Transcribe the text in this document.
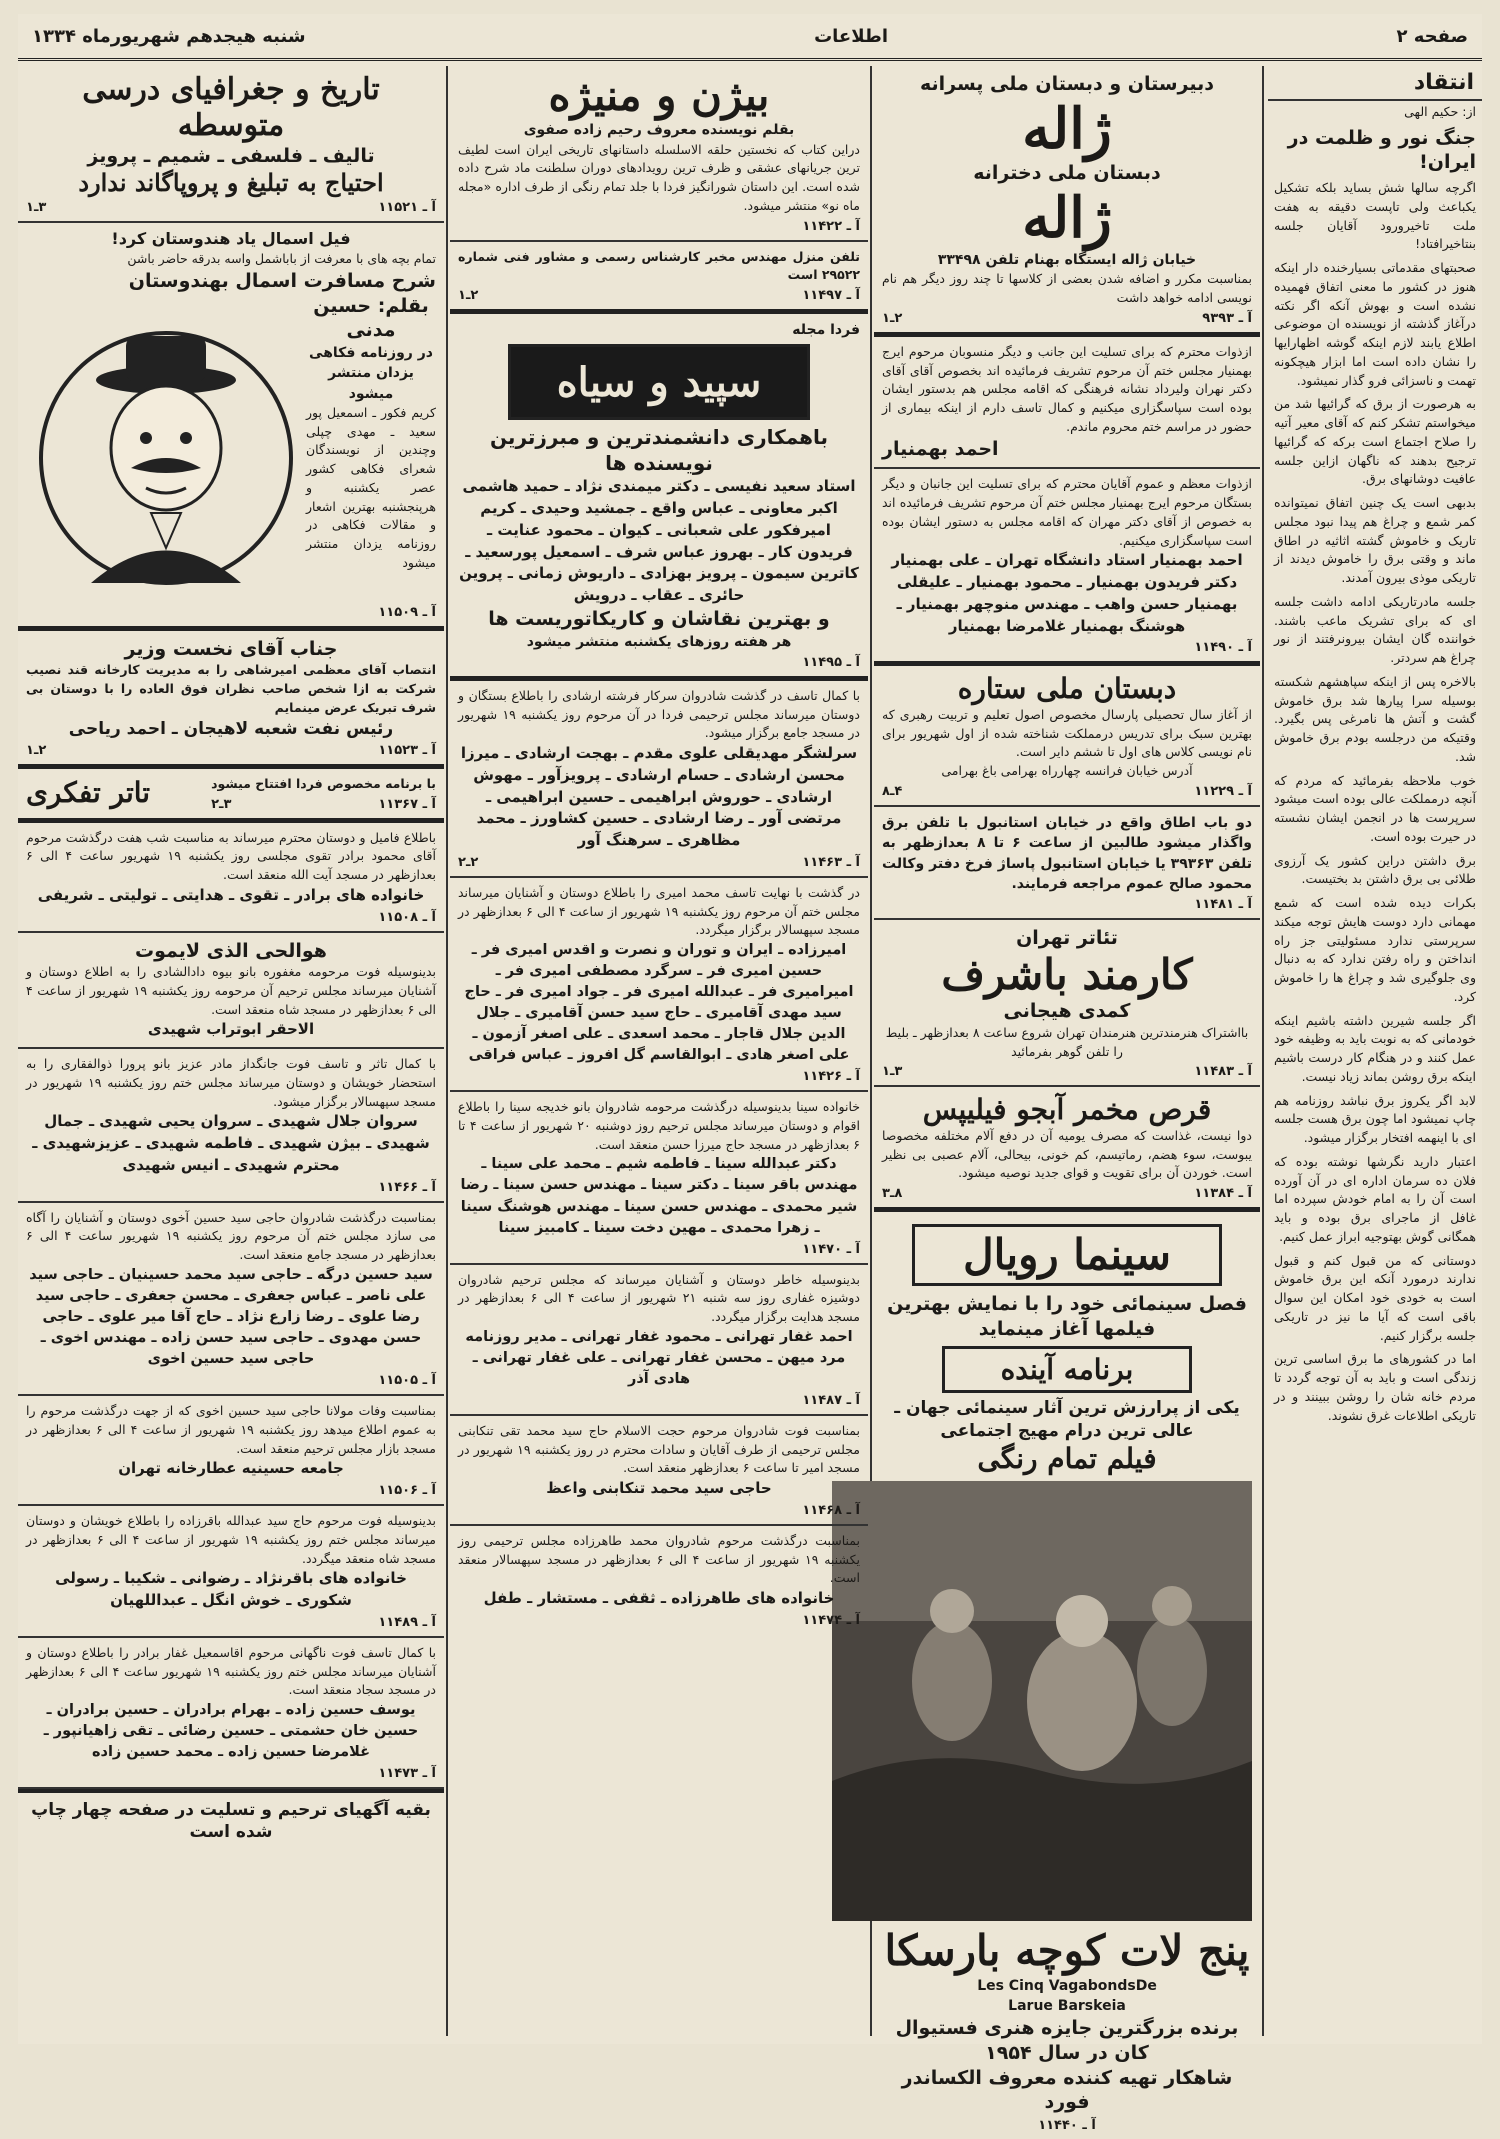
شنبه هیجدهم شهریورماه ۱۳۳۴	اطلاعات	صفحه ۲
انتقاد
از: حکیم الهی
جنگ نور و ظلمت در ایران!

اگرچه سالها شش بساید بلکه تشکیل یکباعث ولی تاپست دقیقه به هفت ملت تاخیرورود آقایان جلسه بنتاخیرافتاد!

صحبتهای مقدماتی بسیارخنده دار اینکه هنوز در کشور ما معنی اتفاق فهمیده نشده است و بهوش آنکه اگر نکته درآغاز گذشته از نویسنده ان موضوعی اطلاع یابند لازم اینکه گوشه اظهارایها را نشان داده است اما ابزار هیچکونه تهمت و ناسزائی فرو گذار نمیشود.

به هرصورت از برق که گرائیها شد من میخواستم تشکر کنم که آقای معیر آتیه را صلاح اجتماع است برکه که گرائیها ترجیح بدهند که ناگهان ازاین جلسه عافیت دوشانهای برق.

بدبهی است یک چنین اتفاق نمیتوانده کمر شمع و چراغ هم پیدا نبود مجلس تاریک و خاموش گشته اثاثیه در اطاق ماند و وقتی برق را خاموش دیدند از تاریکی موذی بیرون آمدند.

جلسه مادرتاریکی ادامه داشت جلسه ای که برای تشریک ماعب باشند. خواننده گان ایشان بیرونرفتند از نور چراغ هم سردتر.

بالاخره پس از اینکه سپاهشهم شکسته بوسیله سرا پیارها شد برق خاموش گشت و آتش ها نامرغی پس بگیرد. وقتیکه من درجلسه بودم برق خاموش شد.

خوب ملاحظه بفرمائید که مردم که آنچه درمملکت عالی بوده است میشود سرپرست ها در انجمن ایشان نشسته در حیرت بوده است.

برق داشتن دراین کشور یک آرزوی طلائی بی برق داشتن بد بختیست.

بکرات دیده شده است که شمع مهمانی دارد دوست هایش توجه میکند سرپرستی ندارد مسئولیتی جز راه انداختن و راه رفتن ندارد که به دنبال وی جلوگیری شد و چراغ ها را خاموش کرد.

اگر جلسه شیرین داشته باشیم اینکه خودمانی که به نوبت باید به وظیفه خود عمل کنند و در هنگام کار درست باشیم اینکه برق روشن بماند زیاد نیست.

لابد اگر یکروز برق نباشد روزنامه هم چاپ نمیشود اما چون برق هست جلسه ای با اینهمه افتخار برگزار میشود.

اعتبار دارید نگرشها نوشته بوده که فلان ده سرمان اداره ای در آن آورده است آن را به امام خودش سپرده اما غافل از ماجرای برق بوده و باید همگانی گوش بهتوجیه ابراز عمل کنیم.

دوستانی که من قبول کنم و قبول ندارند درمورد آنکه این برق خاموش است به خودی خود امکان این سوال باقی است که آیا ما نیز در تاریکی جلسه برگزار کنیم.

اما در کشورهای ما برق اساسی ترین زندگی است و باید به آن توجه گردد تا مردم خانه شان را روشن ببینند و در تاریکی اطلاعات غرق نشوند.

دبیرستان و دبستان ملی پسرانه
ژاله
دبستان ملی دخترانه
ژاله
خیابان ژاله ایستگاه بهنام تلفن ۳۳۴۹۸
بمناسبت مکرر و اضافه شدن بعضی از کلاسها تا چند روز دیگر هم نام نویسی ادامه خواهد داشت
آ ـ ۹۳۹۳
۲ـ۱
ازذوات محترم که برای تسلیت این جانب و دیگر منسوبان مرحوم ایرج بهمنیار مجلس ختم آن مرحوم تشریف فرمائیده اند بخصوص آقای آقای دکتر نهران ولیرداد نشانه فرهنگی که اقامه مجلس هم بدستور ایشان بوده است سپاسگزاری میکنیم و کمال تاسف دارم از اینکه بیماری از حضور در مراسم ختم محروم ماندم.
احمد بهمنیار
ازذوات معظم و عموم آقایان محترم که برای تسلیت این جانبان و دیگر بستگان مرحوم ایرج بهمنیار مجلس ختم آن مرحوم تشریف فرمائیده اند به خصوص از آقای دکتر مهران که اقامه مجلس به دستور ایشان بوده است سپاسگزاری میکنیم.
احمد بهمنیار استاد دانشگاه تهران ـ علی بهمنیار دکتر فریدون بهمنیار ـ محمود بهمنیار ـ علیقلی بهمنیار حسن واهب ـ مهندس منوچهر بهمنیار ـ هوشنگ بهمنیار غلامرضا بهمنیار
آ ـ ۱۱۴۹۰
دبستان ملی ستاره
از آغاز سال تحصیلی پارسال مخصوص اصول تعلیم و تربیت رهبری که بهترین سبک برای تدریس درمملکت شناخته شده از اول شهریور برای نام نویسی کلاس های اول تا ششم دایر است.
آدرس خیابان فرانسه چهارراه بهرامی باغ بهرامی
آ ـ ۱۱۲۲۹
۴ـ۸
دو باب اطاق واقع در خیابان استانبول با تلفن برق واگذار میشود طالبین از ساعت ۶ تا ۸ بعدازظهر به تلفن ۳۹۳۶۳ یا خیابان استانبول پاساژ فرخ دفتر وکالت محمود صالح عموم مراجعه فرمایند.
آ ـ ۱۱۴۸۱
تئاتر تهران
کارمند باشرف
کمدی هیجانی
بااشتراک هنرمندترین هنرمندان تهران شروع ساعت ۸ بعدازظهر ـ بلیط را تلفن گوهر بفرمائید
آ ـ ۱۱۴۸۳
۳ـ۱
قرص مخمر آبجو فیلیپس
دوا نیست، غذاست که مصرف یومیه آن در دفع آلام مختلفه مخصوصا یبوست، سوء هضم، رماتیسم، کم خونی، بیحالی، آلام عصبی بی نظیر است. خوردن آن برای تقویت و قوای جدید نوصیه میشود.
آ ـ ۱۱۳۸۴
۸ـ۳
سینما رویال
فصل سینمائی خود را با نمایش بهترین فیلمها آغاز مینماید
برنامه آینده
یکی از پرارزش ترین آثار سینمائی جهان ـ عالی ترین درام مهیج اجتماعی
فیلم تمام رنگی
پنج لات کوچه بارسکا
Les Cinq VagabondsDe
Larue Barskeia
برنده بزرگترین جایزه هنری فستیوال کان در سال ۱۹۵۴
شاهکار تهیه کننده معروف الکساندر فورد
آ ـ ۱۱۴۴۰
بیژن و منیژه
بقلم نویسنده معروف رحیم زاده صفوی
دراین کتاب که نخستین حلقه الاسلسله داستانهای تاریخی ایران است لطیف ترین جریانهای عشقی و ظرف ترین رویدادهای دوران سلطنت ماد شرح داده شده است. این داستان شورانگیز فردا با جلد تمام رنگی از طرف اداره «مجله ماه نو» منتشر میشود.
آ ـ ۱۱۴۲۲
تلفن منزل مهندس مخبر کارشناس رسمی و مشاور فنی شماره ۲۹۵۲۲ است
آ ـ ۱۱۴۹۷
۲ـ۱
فردا مجله
سپید و سیاه
باهمکاری دانشمندترین و مبرزترین نویسنده ها
استاد سعید نفیسی ـ دکتر میمندی نژاد ـ حمید هاشمی اکبر معاونی ـ عباس واقع ـ جمشید وحیدی ـ کریم امیرفکور علی شعبانی ـ کیوان ـ محمود عنایت ـ فریدون کار ـ بهروز عباس شرف ـ اسمعیل پورسعید ـ کاترین سیمون ـ پرویز بهزادی ـ داریوش زمانی ـ پروین حائری ـ عقاب ـ درویش
و بهترین نقاشان و کاریکاتوریست ها
هر هفته روزهای یکشنبه منتشر میشود
آ ـ ۱۱۴۹۵
با کمال تاسف در گذشت شادروان سرکار فرشته ارشادی را باطلاع بستگان و دوستان میرساند مجلس ترحیمی فردا در آن مرحوم روز یکشنبه ۱۹ شهریور در مسجد جامع برگزار میشود.
سرلشگر مهدیقلی علوی مقدم ـ بهجت ارشادی ـ میرزا محسن ارشادی ـ حسام ارشادی ـ پرویزآور ـ مهوش ارشادی ـ حوروش ابراهیمی ـ حسین ابراهیمی ـ مرتضی آور ـ رضا ارشادی ـ حسین کشاورز ـ محمد مظاهری ـ سرهنگ آور
آ ـ ۱۱۴۶۳
۲ـ۲
در گذشت با نهایت تاسف محمد امیری را باطلاع دوستان و آشنایان میرساند مجلس ختم آن مرحوم روز یکشنبه ۱۹ شهریور از ساعت ۴ الی ۶ بعدازظهر در مسجد سپهسالار برگزار میگردد.
امیرزاده ـ ایران و توران و نصرت و اقدس امیری فر ـ حسین امیری فر ـ سرگرد مصطفی امیری فر ـ امیرامیری فر ـ عبدالله امیری فر ـ جواد امیری فر ـ حاج سید مهدی آقامیری ـ حاج سید حسن آقامیری ـ جلال الدین جلال قاجار ـ محمد اسعدی ـ علی اصغر آزمون ـ علی اصغر هادی ـ ابوالقاسم گل افروز ـ عباس فراقی
آ ـ ۱۱۴۲۶
خانواده سینا بدینوسیله درگذشت مرحومه شادروان بانو خدیجه سینا را باطلاع اقوام و دوستان میرساند مجلس ترحیم روز دوشنبه ۲۰ شهریور از ساعت ۴ تا ۶ بعدازظهر در مسجد حاج میرزا حسن منعقد است.
دکتر عبدالله سینا ـ فاطمه شیم ـ محمد علی سینا ـ مهندس باقر سینا ـ دکتر سینا ـ مهندس حسن سینا ـ رضا شیر محمدی ـ مهندس حسن سینا ـ مهندس هوشنگ سینا ـ زهرا محمدی ـ مهین دخت سینا ـ کامبیز سینا
آ ـ ۱۱۴۷۰
بدینوسیله خاطر دوستان و آشنایان میرساند که مجلس ترحیم شادروان دوشیزه غفاری روز سه شنبه ۲۱ شهریور از ساعت ۴ الی ۶ بعدازظهر در مسجد هدایت برگزار میگردد.
احمد غفار تهرانی ـ محمود غفار تهرانی ـ مدیر روزنامه مرد میهن ـ محسن غفار تهرانی ـ علی غفار تهرانی ـ هادی آذر
آ ـ ۱۱۴۸۷
بمناسبت فوت شادروان مرحوم حجت الاسلام حاج سید محمد تقی تنکابنی مجلس ترحیمی از طرف آقایان و سادات محترم در روز یکشنبه ۱۹ شهریور در مسجد امیر تا ساعت ۶ بعدازظهر منعقد است.
حاجی سید محمد تنکابنی واعظ
آ ـ ۱۱۴۶۸
بمناسبت درگذشت مرحوم شادروان محمد طاهرزاده مجلس ترحیمی روز یکشنبه ۱۹ شهریور از ساعت ۴ الی ۶ بعدازظهر در مسجد سپهسالار منعقد است.
خانواده های طاهرزاده ـ ثقفی ـ مستشار ـ طفل
آ ـ ۱۱۴۷۴
تاریخ و جغرافیای درسی متوسطه
تالیف ـ فلسفی ـ شمیم ـ پرویز
احتیاج به تبلیغ و پروپاگاند ندارد
آ ـ ۱۱۵۲۱
۳ـ۱
فیل اسمال یاد هندوستان کرد!
تمام بچه های با معرفت از باباشمل واسه بدرقه حاضر باشن
شرح مسافرت اسمال بهندوستان
بقلم: حسین مدنی
در روزنامه فکاهی یزدان منتشر میشود
کریم فکور ـ اسمعیل پور سعید ـ مهدی چپلی وچندین از نویسندگان شعرای فکاهی کشور عصر یکشنبه و هرپنجشنبه بهترین اشعار و مقالات فکاهی در روزنامه یزدان منتشر میشود
آ ـ ۱۱۵۰۹
جناب آقای نخست وزیر
انتصاب آقای معظمی امیرشاهی را به مدیریت کارخانه قند نصیب شرکت به ازا شخص صاحب نظران فوق العاده را با دوستان بی شرف تبریک عرض مینمایم
رئیس نفت شعبه لاهیجان ـ احمد ریاحی
آ ـ ۱۱۵۲۳
۲ـ۱
با برنامه مخصوص فردا افتتاح میشود
آ ـ ۱۱۳۶۷
۳ـ۲
تاتر تفکری
باطلاع فامیل و دوستان محترم میرساند به مناسبت شب هفت درگذشت مرحوم آقای محمود برادر تقوی مجلسی روز یکشنبه ۱۹ شهریور ساعت ۴ الی ۶ بعدازظهر در مسجد آیت الله منعقد است.
خانواده های برادر ـ تقوی ـ هدایتی ـ تولیتی ـ شریفی
آ ـ ۱۱۵۰۸
هوالحی الذی لایموت
بدینوسیله فوت مرحومه مغفوره بانو بیوه دادالشادی را به اطلاع دوستان و آشنایان میرساند مجلس ترحیم آن مرحومه روز یکشنبه ۱۹ شهریور از ساعت ۴ الی ۶ بعدازظهر در مسجد شاه منعقد است.
الاحقر ابوتراب شهیدی
با کمال تاثر و تاسف فوت جانگداز مادر عزیز بانو پرورا ذوالفقاری را به استحضار خویشان و دوستان میرساند مجلس ختم روز یکشنبه ۱۹ شهریور در مسجد سپهسالار برگزار میشود.
سروان جلال شهیدی ـ سروان یحیی شهیدی ـ جمال شهیدی ـ بیژن شهیدی ـ فاطمه شهیدی ـ عزیزشهیدی ـ محترم شهیدی ـ انیس شهیدی
آ ـ ۱۱۴۶۶
بمناسبت درگذشت شادروان حاجی سید حسین آخوی دوستان و آشنایان را آگاه می سازد مجلس ختم آن مرحوم روز یکشنبه ۱۹ شهریور ساعت ۴ الی ۶ بعدازظهر در مسجد جامع منعقد است.
سید حسین درگه ـ حاجی سید محمد حسینیان ـ حاجی سید علی ناصر ـ عباس جعفری ـ محسن جعفری ـ حاجی سید رضا علوی ـ رضا زارع نژاد ـ حاج آقا میر علوی ـ حاجی حسن مهدوی ـ حاجی سید حسن زاده ـ مهندس اخوی ـ حاجی سید حسین اخوی
آ ـ ۱۱۵۰۵
بمناسبت وفات مولانا حاجی سید حسین اخوی که از جهت درگذشت مرحوم را به عموم اطلاع میدهد روز یکشنبه ۱۹ شهریور از ساعت ۴ الی ۶ بعدازظهر در مسجد بازار مجلس ترحیم منعقد است.
جامعه حسینیه عطارخانه تهران
آ ـ ۱۱۵۰۶
بدینوسیله فوت مرحوم حاج سید عبدالله باقرزاده را باطلاع خویشان و دوستان میرساند مجلس ختم روز یکشنبه ۱۹ شهریور از ساعت ۴ الی ۶ بعدازظهر در مسجد شاه منعقد میگردد.
خانواده های باقرنژاد ـ رضوانی ـ شکیبا ـ رسولی شکوری ـ خوش انگل ـ عبداللهیان
آ ـ ۱۱۴۸۹
با کمال تاسف فوت ناگهانی مرحوم اقاسمعیل غفار برادر را باطلاع دوستان و آشنایان میرساند مجلس ختم روز یکشنبه ۱۹ شهریور ساعت ۴ الی ۶ بعدازظهر در مسجد سجاد منعقد است.
یوسف حسین زاده ـ بهرام برادران ـ حسین برادران ـ حسین خان حشمتی ـ حسین رضائی ـ تقی زاهیانپور ـ غلامرضا حسین زاده ـ محمد حسین زاده
آ ـ ۱۱۴۷۳
بقیه آگهیای ترحیم و تسلیت در صفحه چهار چاپ شده است
